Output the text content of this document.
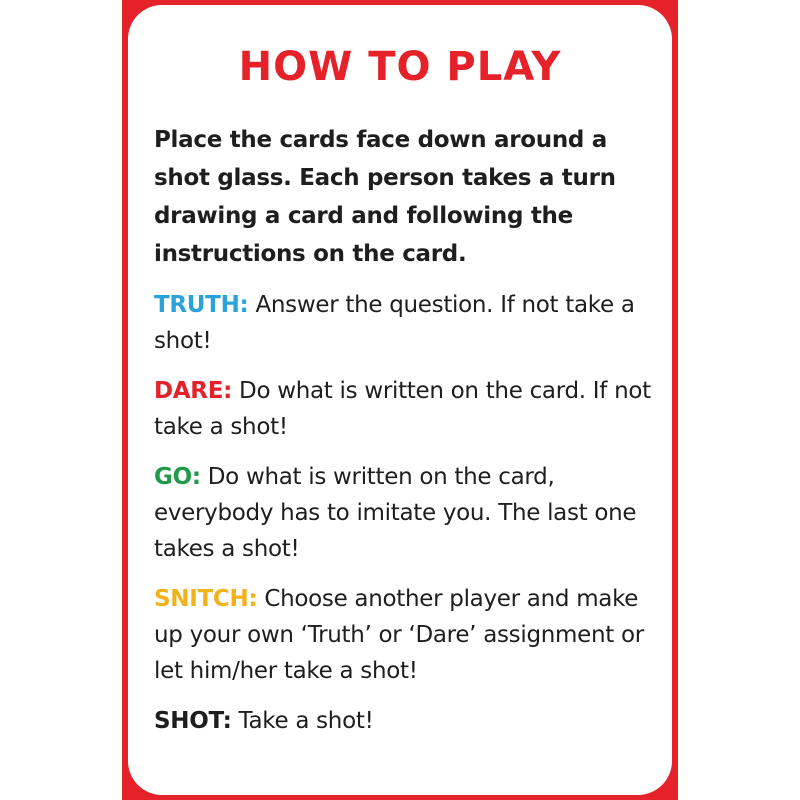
HOW TO PLAY

Place the cards face down around a shot glass. Each person takes a turn drawing a card and following the instructions on the card.

TRUTH: Answer the question. If not take a shot!

DARE: Do what is written on the card. If not take a shot!

GO: Do what is written on the card, everybody has to imitate you. The last one takes a shot!

SNITCH: Choose another player and make up your own ‘Truth’ or ‘Dare’ assignment or let him/her take a shot!

SHOT: Take a shot!
